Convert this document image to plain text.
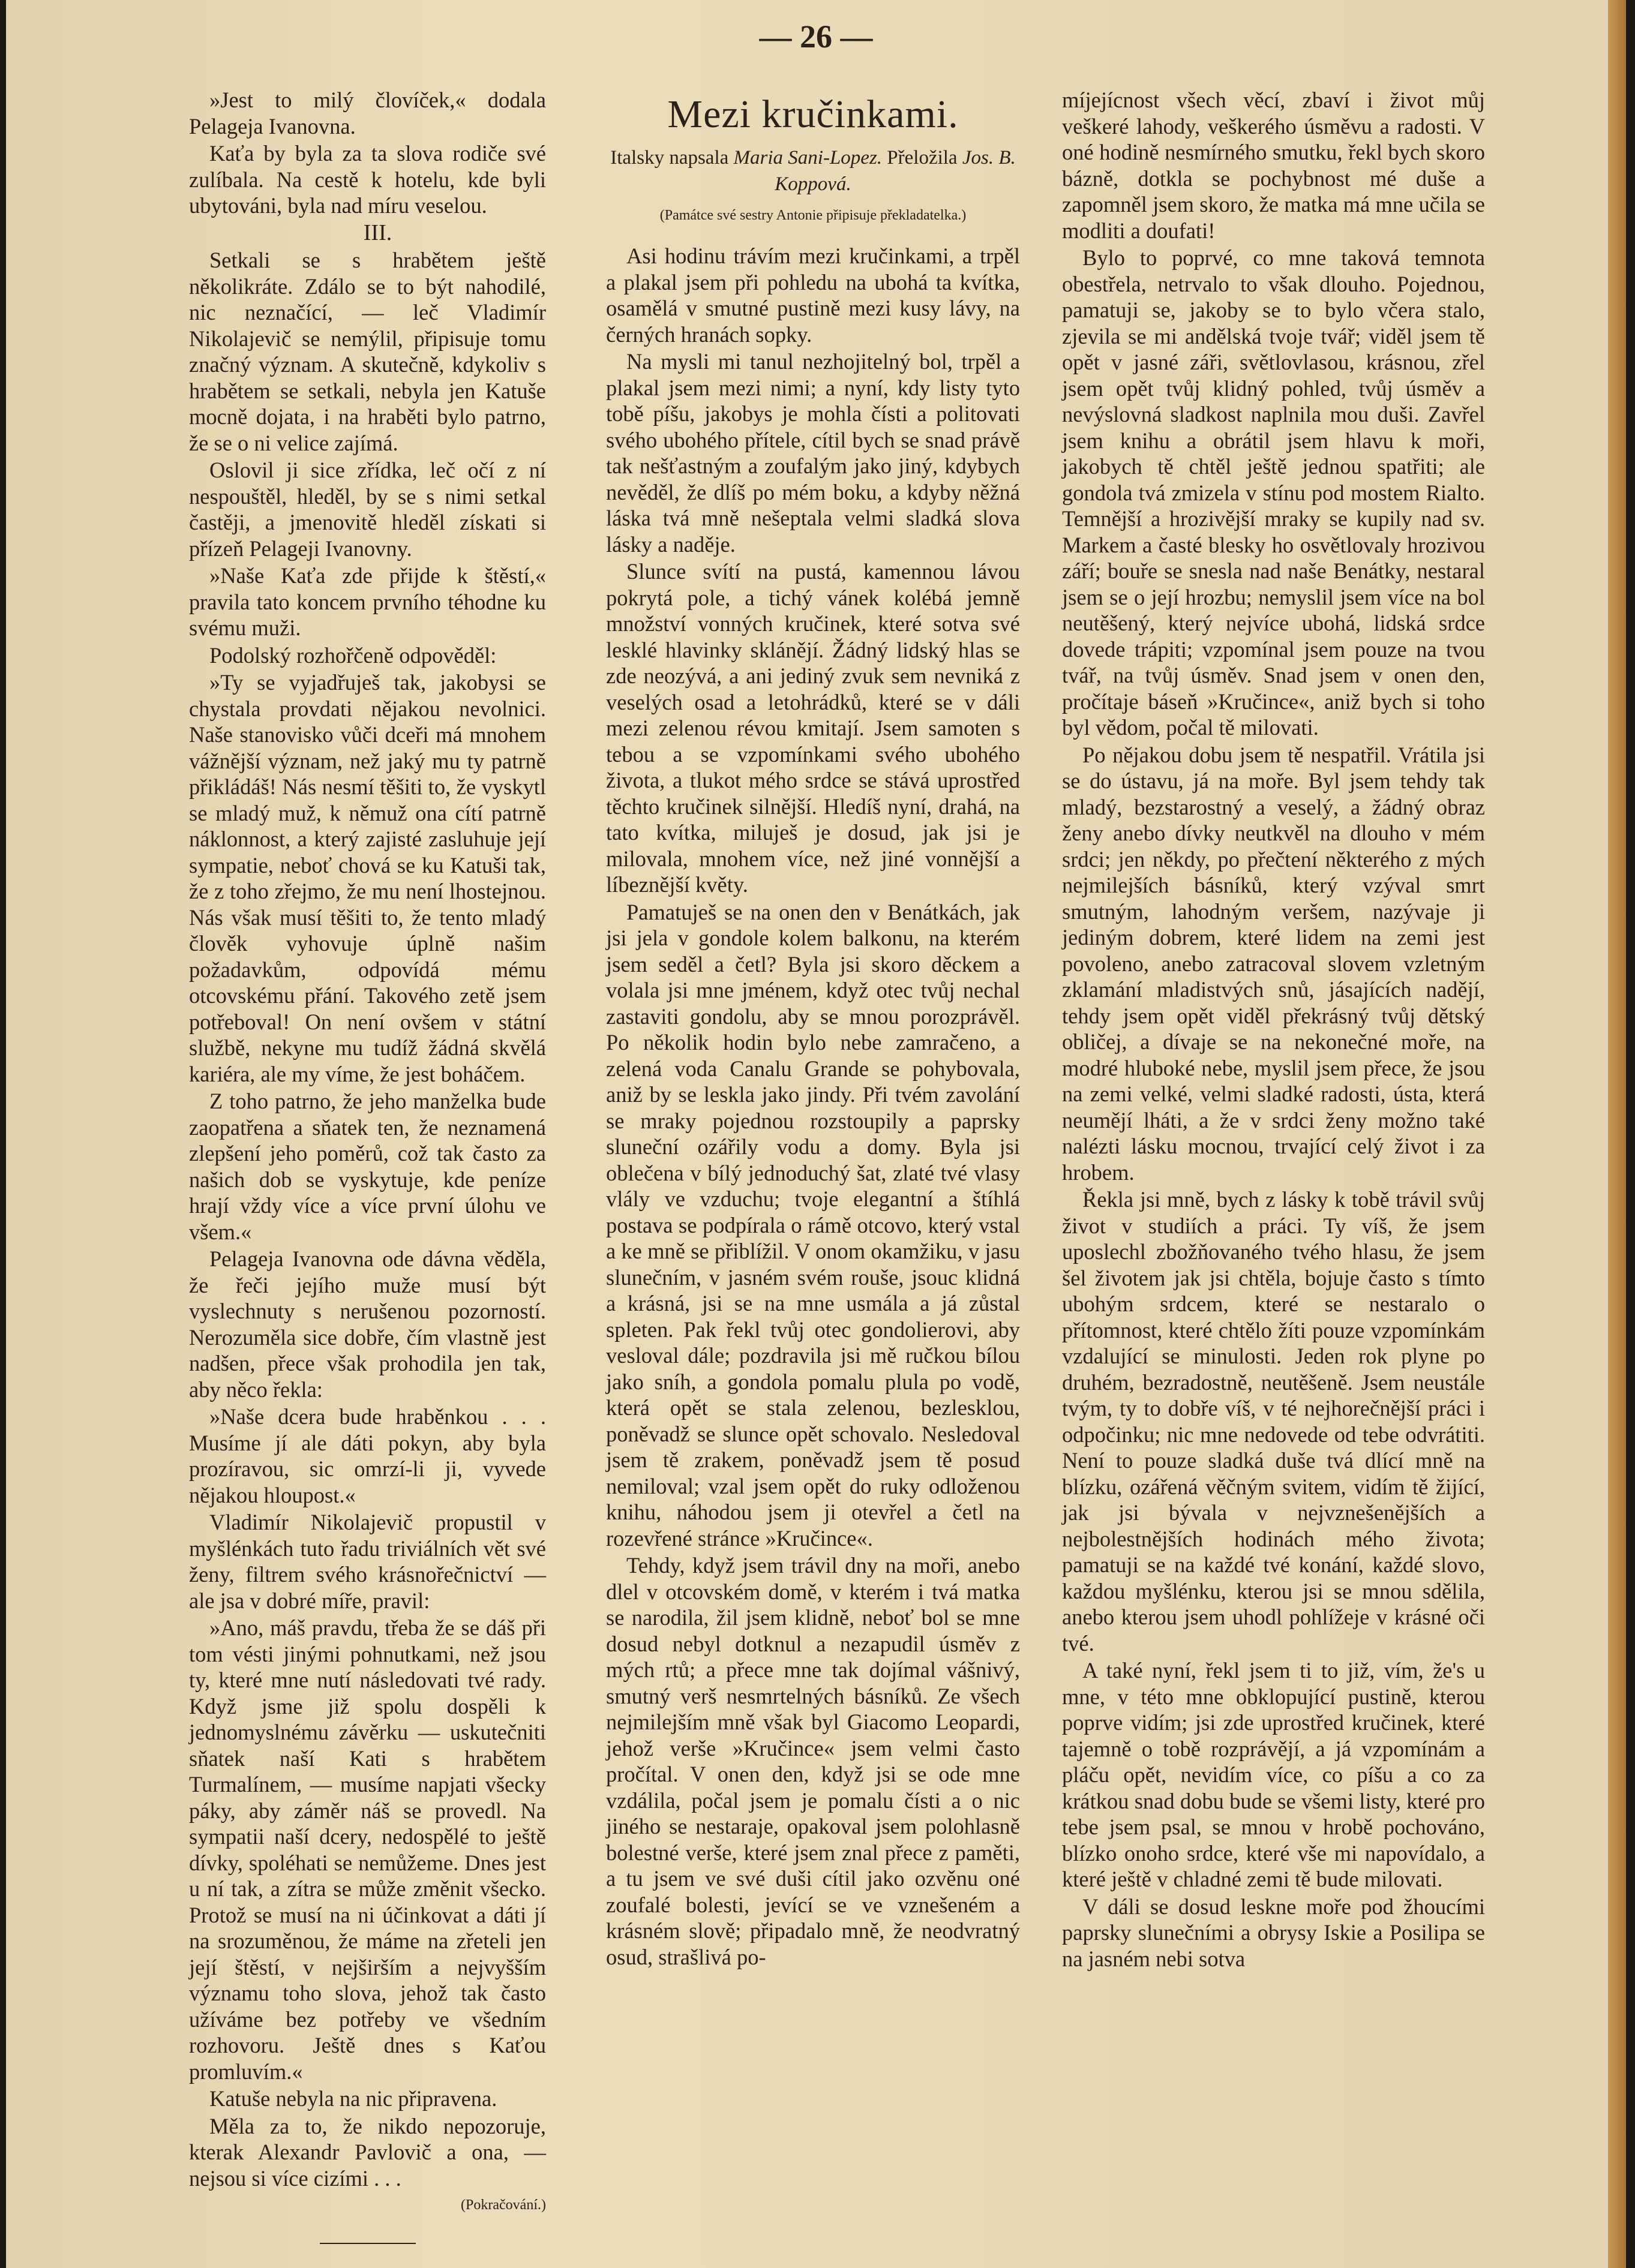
— 26 —

»Jest to milý človíček,« dodala Pelageja Ivanovna.

Kaťa by byla za ta slova rodiče své zulíbala. Na cestě k hotelu, kde byli ubytováni, byla nad míru veselou.

III.

Setkali se s hrabětem ještě několikráte. Zdálo se to být nahodilé, nic neznačící, — leč Vladimír Nikolajevič se nemýlil, připisuje tomu značný význam. A skutečně, kdykoliv s hrabětem se setkali, nebyla jen Katuše mocně dojata, i na hraběti bylo patrno, že se o ni velice zajímá.

Oslovil ji sice zřídka, leč očí z ní nespouštěl, hleděl, by se s nimi setkal častěji, a jmenovitě hleděl získati si přízeň Pelageji Ivanovny.

»Naše Kaťa zde přijde k štěstí,« pravila tato koncem prvního téhodne ku svému muži.

Podolský rozhořčeně odpověděl:

»Ty se vyjadřuješ tak, jakobysi se chystala provdati nějakou nevolnici. Naše stanovisko vůči dceři má mnohem vážnější význam, než jaký mu ty patrně přikládáš! Nás nesmí těšiti to, že vyskytl se mladý muž, k němuž ona cítí patrně náklonnost, a který zajisté zasluhuje její sympatie, neboť chová se ku Katuši tak, že z toho zřejmo, že mu není lhostejnou. Nás však musí těšiti to, že tento mladý člověk vyhovuje úplně našim požadavkům, odpovídá mému otcovskému přání. Takového zetě jsem potřeboval! On není ovšem v státní službě, nekyne mu tudíž žádná skvělá kariéra, ale my víme, že jest boháčem.

Z toho patrno, že jeho manželka bude zaopatřena a sňatek ten, že neznamená zlepšení jeho poměrů, což tak často za našich dob se vyskytuje, kde peníze hrají vždy více a více první úlohu ve všem.«

Pelageja Ivanovna ode dávna věděla, že řeči jejího muže musí být vyslechnuty s nerušenou pozorností. Nerozuměla sice dobře, čím vlastně jest nadšen, přece však prohodila jen tak, aby něco řekla:

»Naše dcera bude hraběnkou . . . Musíme jí ale dáti pokyn, aby byla prozíravou, sic omrzí-li ji, vyvede nějakou hloupost.«

Vladimír Nikolajevič propustil v myšlénkách tuto řadu triviálních vět své ženy, filtrem svého krásnořečnictví — ale jsa v dobré míře, pravil:

»Ano, máš pravdu, třeba že se dáš při tom vésti jinými pohnutkami, než jsou ty, které mne nutí následovati tvé rady. Když jsme již spolu dospěli k jednomyslnému závěrku — uskutečniti sňatek naší Kati s hrabětem Turmalínem, — musíme napjati všecky páky, aby záměr náš se provedl. Na sympatii naší dcery, nedospělé to ještě dívky, spoléhati se nemůžeme. Dnes jest u ní tak, a zítra se může změnit všecko. Protož se musí na ni účinkovat a dáti jí na srozuměnou, že máme na zřeteli jen její štěstí, v nejširším a nejvyšším významu toho slova, jehož tak často užíváme bez potřeby ve všedním rozhovoru. Ještě dnes s Kaťou promluvím.«

Katuše nebyla na nic připravena.

Měla za to, že nikdo nepozoruje, kterak Alexandr Pavlovič a ona, — nejsou si více cizími . . .

(Pokračování.)

Mezi kručinkami.
Italsky napsala Maria Sani-Lopez. Přeložila Jos. B. Koppová.
(Památce své sestry Antonie připisuje překladatelka.)

Asi hodinu trávím mezi kručinkami, a trpěl a plakal jsem při pohledu na ubohá ta kvítka, osamělá v smutné pustině mezi kusy lávy, na černých hranách sopky.

Na mysli mi tanul nezhojitelný bol, trpěl a plakal jsem mezi nimi; a nyní, kdy listy tyto tobě píšu, jakobys je mohla čísti a politovati svého ubohého přítele, cítil bych se snad právě tak nešťastným a zoufalým jako jiný, kdybych nevěděl, že dlíš po mém boku, a kdyby něžná láska tvá mně nešeptala velmi sladká slova lásky a naděje.

Slunce svítí na pustá, kamennou lávou pokrytá pole, a tichý vánek kolébá jemně množství vonných kručinek, které sotva své lesklé hlavinky sklánějí. Žádný lidský hlas se zde neozývá, a ani jediný zvuk sem nevniká z veselých osad a letohrádků, které se v dáli mezi zelenou révou kmitají. Jsem samoten s tebou a se vzpomínkami svého ubohého života, a tlukot mého srdce se stává uprostřed těchto kručinek silnější. Hledíš nyní, drahá, na tato kvítka, miluješ je dosud, jak jsi je milovala, mnohem více, než jiné vonnější a líbeznější květy.

Pamatuješ se na onen den v Benátkách, jak jsi jela v gondole kolem balkonu, na kterém jsem seděl a četl? Byla jsi skoro děckem a volala jsi mne jménem, když otec tvůj nechal zastaviti gondolu, aby se mnou porozprávěl. Po několik hodin bylo nebe zamračeno, a zelená voda Canalu Grande se pohybovala, aniž by se leskla jako jindy. Při tvém zavolání se mraky pojednou rozstoupily a paprsky sluneční ozářily vodu a domy. Byla jsi oblečena v bílý jednoduchý šat, zlaté tvé vlasy vlály ve vzduchu; tvoje elegantní a štíhlá postava se podpírala o rámě otcovo, který vstal a ke mně se přiblížil. V onom okamžiku, v jasu slunečním, v jasném svém rouše, jsouc klidná a krásná, jsi se na mne usmála a já zůstal spleten. Pak řekl tvůj otec gondolierovi, aby vesloval dále; pozdravila jsi mě ručkou bílou jako sníh, a gondola pomalu plula po vodě, která opět se stala zelenou, bezlesklou, poněvadž se slunce opět schovalo. Nesledoval jsem tě zrakem, poněvadž jsem tě posud nemiloval; vzal jsem opět do ruky odloženou knihu, náhodou jsem ji otevřel a četl na rozevřené stránce »Kručince«.

Tehdy, když jsem trávil dny na moři, anebo dlel v otcovském domě, v kterém i tvá matka se narodila, žil jsem klidně, neboť bol se mne dosud nebyl dotknul a nezapudil úsměv z mých rtů; a přece mne tak dojímal vášnivý, smutný verš nesmrtelných básníků. Ze všech nejmilejším mně však byl Giacomo Leopardi, jehož verše »Kručince« jsem velmi často pročítal. V onen den, když jsi se ode mne vzdálila, počal jsem je pomalu čísti a o nic jiného se nestaraje, opakoval jsem polohlasně bolestné verše, které jsem znal přece z paměti, a tu jsem ve své duši cítil jako ozvěnu oné zoufalé bolesti, jevící se ve vznešeném a krásném slově; připadalo mně, že neodvratný osud, strašlivá po-

míjejícnost všech věcí, zbaví i život můj veškeré lahody, veškerého úsměvu a radosti. V oné hodině nesmírného smutku, řekl bych skoro bázně, dotkla se pochybnost mé duše a zapomněl jsem skoro, že matka má mne učila se modliti a doufati!

Bylo to poprvé, co mne taková temnota obestřela, netrvalo to však dlouho. Pojednou, pamatuji se, jakoby se to bylo včera stalo, zjevila se mi andělská tvoje tvář; viděl jsem tě opět v jasné záři, světlovlasou, krásnou, zřel jsem opět tvůj klidný pohled, tvůj úsměv a nevýslovná sladkost naplnila mou duši. Zavřel jsem knihu a obrátil jsem hlavu k moři, jakobych tě chtěl ještě jednou spatřiti; ale gondola tvá zmizela v stínu pod mostem Rialto. Temnější a hrozivější mraky se kupily nad sv. Markem a časté blesky ho osvětlovaly hrozivou září; bouře se snesla nad naše Benátky, nestaral jsem se o její hrozbu; nemyslil jsem více na bol neutěšený, který nejvíce ubohá, lidská srdce dovede trápiti; vzpomínal jsem pouze na tvou tvář, na tvůj úsměv. Snad jsem v onen den, pročítaje báseň »Kručince«, aniž bych si toho byl vědom, počal tě milovati.

Po nějakou dobu jsem tě nespatřil. Vrátila jsi se do ústavu, já na moře. Byl jsem tehdy tak mladý, bezstarostný a veselý, a žádný obraz ženy anebo dívky neutkvěl na dlouho v mém srdci; jen někdy, po přečtení některého z mých nejmilejších básníků, který vzýval smrt smutným, lahodným veršem, nazývaje ji jediným dobrem, které lidem na zemi jest povoleno, anebo zatracoval slovem vzletným zklamání mladistvých snů, jásajících nadějí, tehdy jsem opět viděl překrásný tvůj dětský obličej, a dívaje se na nekonečné moře, na modré hluboké nebe, myslil jsem přece, že jsou na zemi velké, velmi sladké radosti, ústa, která neumějí lháti, a že v srdci ženy možno také nalézti lásku mocnou, trvající celý život i za hrobem.

Řekla jsi mně, bych z lásky k tobě trávil svůj život v studiích a práci. Ty víš, že jsem uposlechl zbožňovaného tvého hlasu, že jsem šel životem jak jsi chtěla, bojuje často s tímto ubohým srdcem, které se nestaralo o přítomnost, které chtělo žíti pouze vzpomínkám vzdalující se minulosti. Jeden rok plyne po druhém, bezradostně, neutěšeně. Jsem neustále tvým, ty to dobře víš, v té nejhorečnější práci i odpočinku; nic mne nedovede od tebe odvrátiti. Není to pouze sladká duše tvá dlící mně na blízku, ozářená věčným svitem, vidím tě žijící, jak jsi bývala v nejvznešenějších a nejbolestnějších hodinách mého života; pamatuji se na každé tvé konání, každé slovo, každou myšlénku, kterou jsi se mnou sdělila, anebo kterou jsem uhodl pohlížeje v krásné oči tvé.

A také nyní, řekl jsem ti to již, vím, že's u mne, v této mne obklopující pustině, kterou poprve vidím; jsi zde uprostřed kručinek, které tajemně o tobě rozprávějí, a já vzpomínám a pláču opět, nevidím více, co píšu a co za krátkou snad dobu bude se všemi listy, které pro tebe jsem psal, se mnou v hrobě pochováno, blízko onoho srdce, které vše mi napovídalo, a které ještě v chladné zemi tě bude milovati.

V dáli se dosud leskne moře pod žhoucími paprsky slunečními a obrysy Iskie a Posilipa se na jasném nebi sotva
